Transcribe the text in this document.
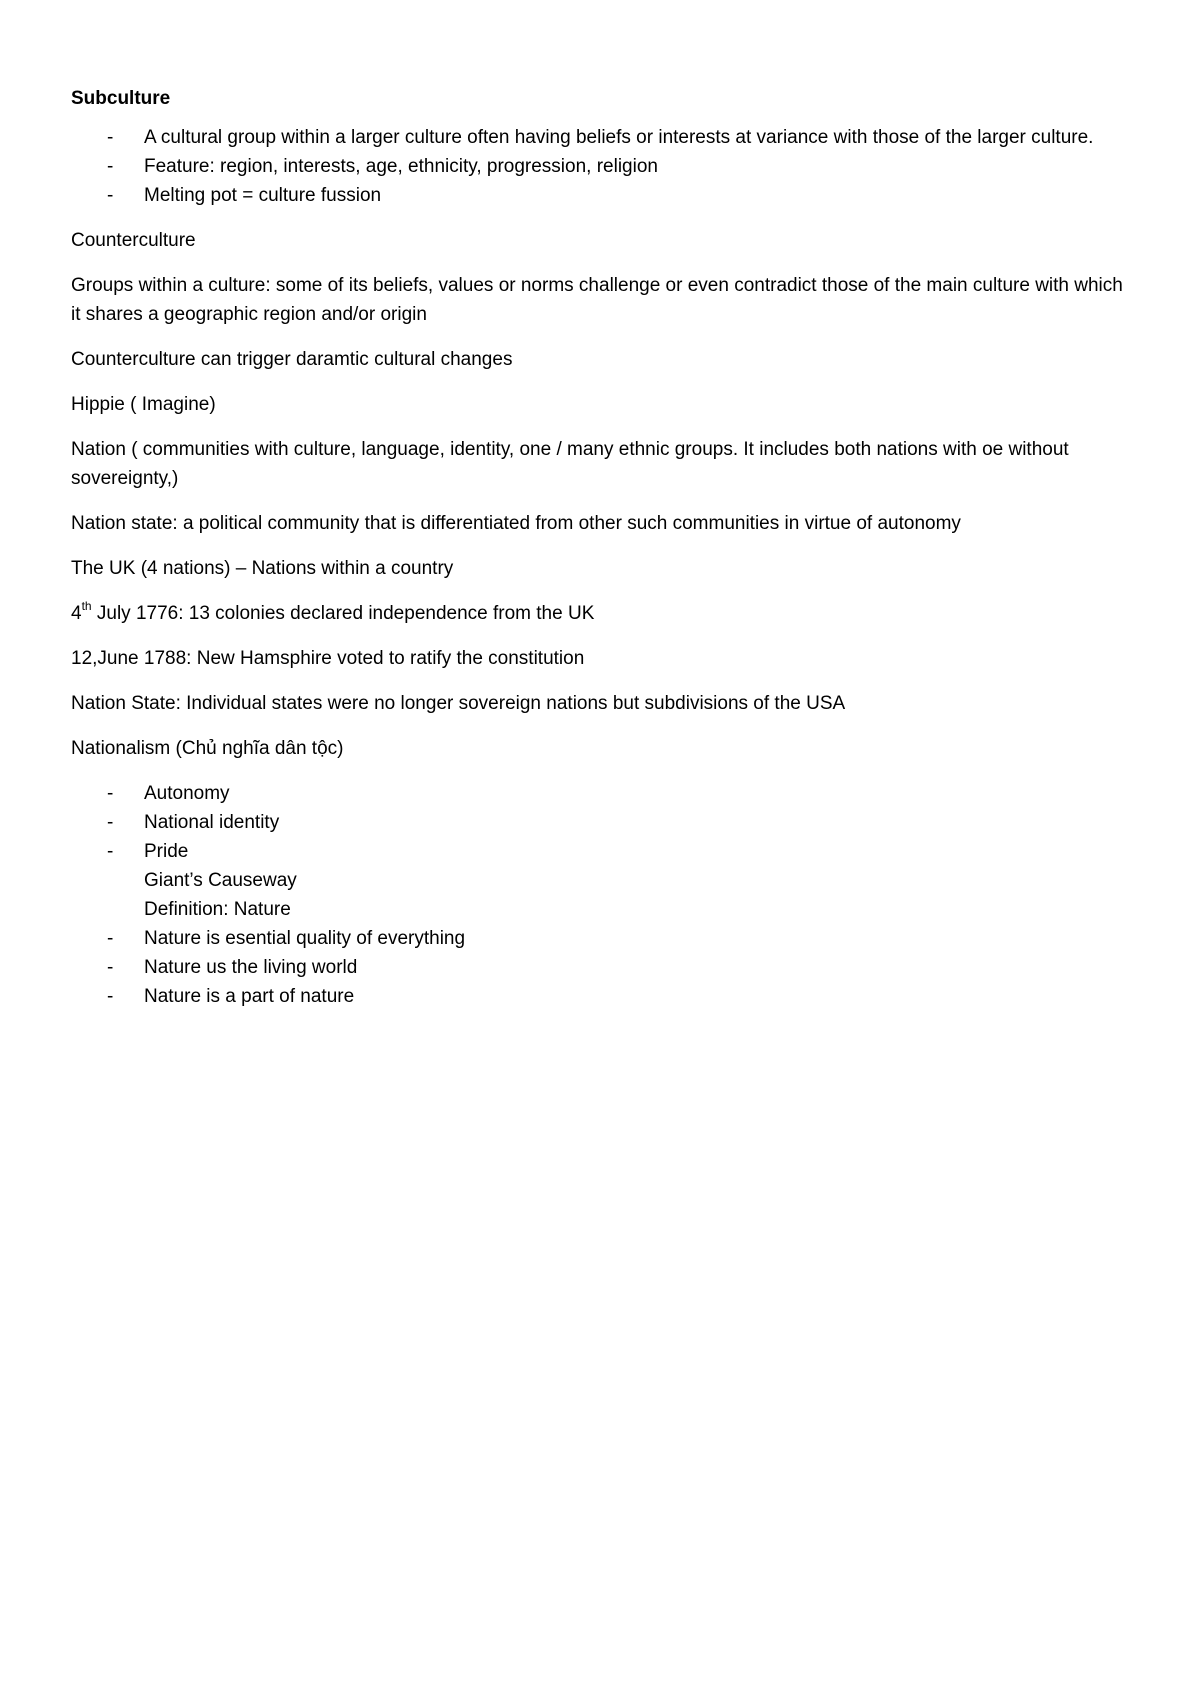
Subculture
- A cultural group within a larger culture often having beliefs or interests at variance with those of the larger culture.
- Feature: region, interests, age, ethnicity, progression, religion
- Melting pot = culture fussion
Counterculture
Groups within a culture: some of its beliefs, values or norms challenge or even contradict those of the main culture with which it shares a geographic region and/or origin
Counterculture can trigger daramtic cultural changes
Hippie ( Imagine)
Nation ( communities with culture, language, identity, one / many ethnic groups. It includes both nations with oe without sovereignty,)
Nation state: a political community that is differentiated from other such communities in virtue of autonomy
The UK (4 nations) – Nations within a country
4th July 1776: 13 colonies declared independence from the UK
12,June 1788: New Hamsphire voted to ratify the constitution
Nation State: Individual states were no longer sovereign nations but subdivisions of the USA
Nationalism (Chủ nghĩa dân tộc)
- Autonomy
- National identity
- Pride
Giant’s Causeway
Definition: Nature
- Nature is esential quality of everything
- Nature us the living world
- Nature is a part of nature
